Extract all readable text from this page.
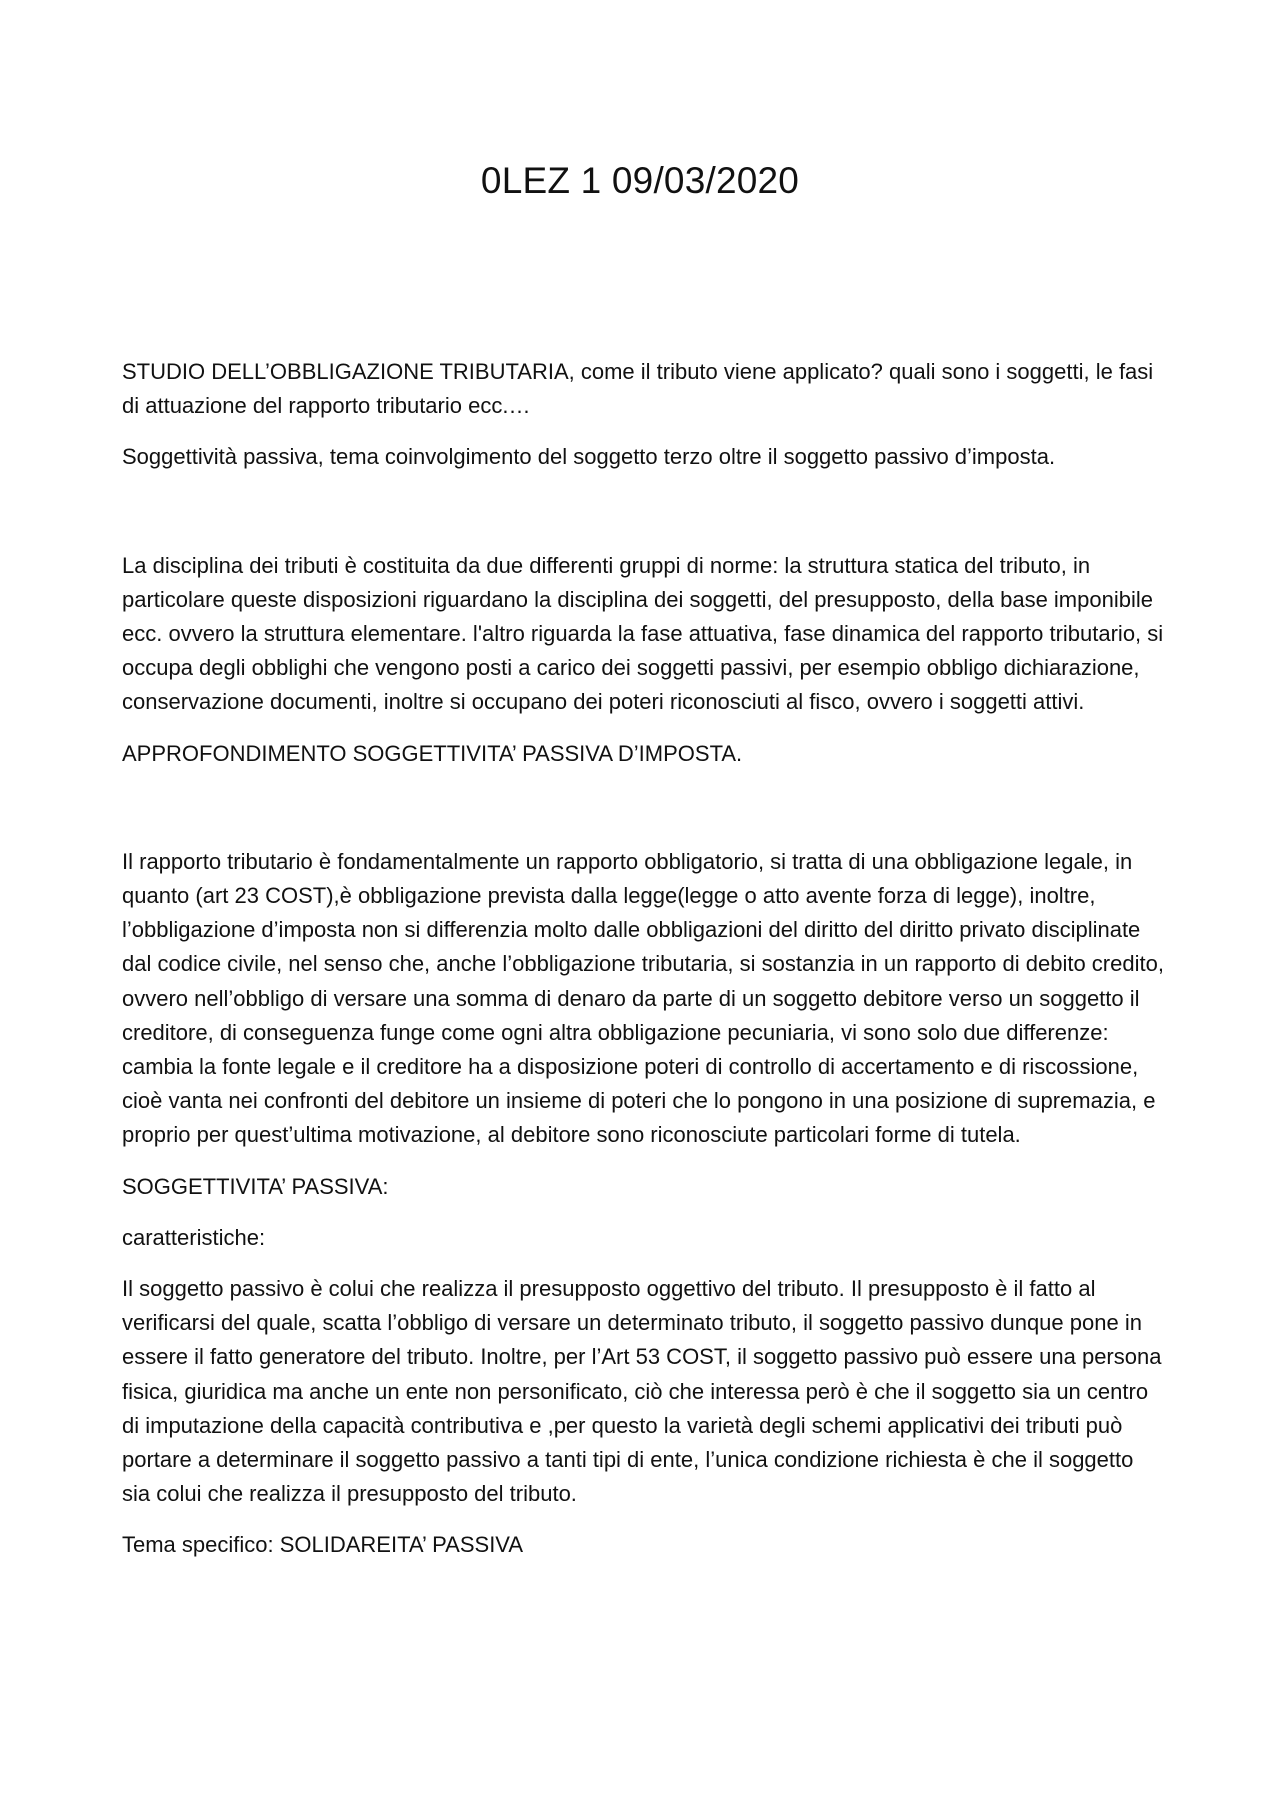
0LEZ 1 09/03/2020

STUDIO DELL’OBBLIGAZIONE TRIBUTARIA, come il tributo viene applicato? quali sono i soggetti, le fasi di attuazione del rapporto tributario ecc.…

Soggettività passiva, tema coinvolgimento del soggetto terzo oltre il soggetto passivo d’imposta.

La disciplina dei tributi è costituita da due differenti gruppi di norme: la struttura statica del tributo, in particolare queste disposizioni riguardano la disciplina dei soggetti, del presupposto, della base imponibile ecc. ovvero la struttura elementare. l'altro riguarda la fase attuativa, fase dinamica del rapporto tributario, si occupa degli obblighi che vengono posti a carico dei soggetti passivi, per esempio obbligo dichiarazione, conservazione documenti, inoltre si occupano dei poteri riconosciuti al fisco, ovvero i soggetti attivi.

APPROFONDIMENTO SOGGETTIVITA’ PASSIVA D’IMPOSTA.

Il rapporto tributario è fondamentalmente un rapporto obbligatorio, si tratta di una obbligazione legale, in quanto (art 23 COST),è obbligazione prevista dalla legge(legge o atto avente forza di legge), inoltre, l’obbligazione d’imposta non si differenzia molto dalle obbligazioni del diritto del diritto privato disciplinate dal codice civile, nel senso che, anche l’obbligazione tributaria, si sostanzia in un rapporto di debito credito, ovvero nell’obbligo di versare una somma di denaro da parte di un soggetto debitore verso un soggetto il creditore, di conseguenza funge come ogni altra obbligazione pecuniaria, vi sono solo due differenze: cambia la fonte legale e il creditore ha a disposizione poteri di controllo di accertamento e di riscossione, cioè vanta nei confronti del debitore un insieme di poteri che lo pongono in una posizione di supremazia, e proprio per quest’ultima motivazione, al debitore sono riconosciute particolari forme di tutela.

SOGGETTIVITA’ PASSIVA:

caratteristiche:

Il soggetto passivo è colui che realizza il presupposto oggettivo del tributo. Il presupposto è il fatto al verificarsi del quale, scatta l’obbligo di versare un determinato tributo, il soggetto passivo dunque pone in essere il fatto generatore del tributo. Inoltre, per l’Art 53 COST, il soggetto passivo può essere una persona fisica, giuridica ma anche un ente non personificato, ciò che interessa però è che il soggetto sia un centro di imputazione della capacità contributiva e ,per questo la varietà degli schemi applicativi dei tributi può portare a determinare il soggetto passivo a tanti tipi di ente, l’unica condizione richiesta è che il soggetto sia colui che realizza il presupposto del tributo.

Tema specifico: SOLIDAREITA’ PASSIVA
